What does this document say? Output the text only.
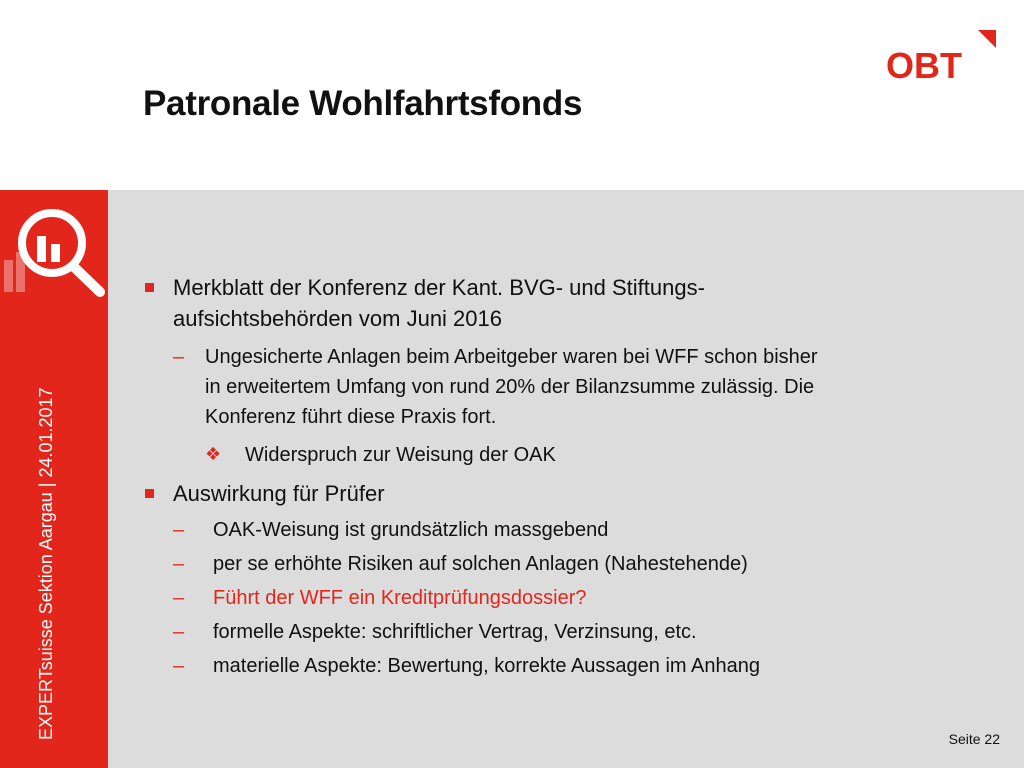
Patronale Wohlfahrtsfonds
OBT
EXPERTsuisse Sektion Aargau | 24.01.2017
Merkblatt der Konferenz der Kant. BVG- und Stiftungs-
aufsichtsbehörden vom Juni 2016
– Ungesicherte Anlagen beim Arbeitgeber waren bei WFF schon bisher
in erweitertem Umfang von rund 20% der Bilanzsumme zulässig. Die
Konferenz führt diese Praxis fort.
❖ Widerspruch zur Weisung der OAK
Auswirkung für Prüfer
– OAK-Weisung ist grundsätzlich massgebend
– per se erhöhte Risiken auf solchen Anlagen (Nahestehende)
– Führt der WFF ein Kreditprüfungsdossier?
– formelle Aspekte: schriftlicher Vertrag, Verzinsung, etc.
– materielle Aspekte: Bewertung, korrekte Aussagen im Anhang
Seite 22
